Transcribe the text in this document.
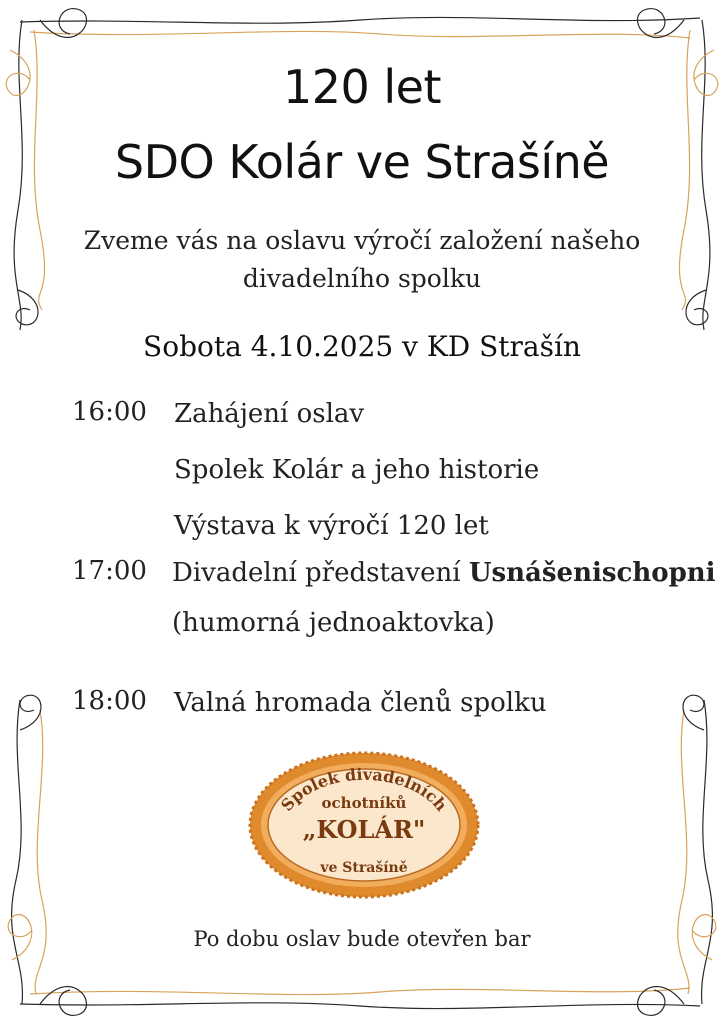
120 let
SDO Kolár ve Strašíně
Zveme vás na oslavu výročí založení našeho divadelního spolku
Sobota 4.10.2025 v KD Strašín
16:00 Zahájení oslav
Spolek Kolár a jeho historie
Výstava k výročí 120 let
17:00 Divadelní představení Usnášenischopni
(humorná jednoaktovka)
18:00 Valná hromada členů spolku
Spolek divadelních
ochotníků
„KOLÁR"
ve Strašíně
Po dobu oslav bude otevřen bar
